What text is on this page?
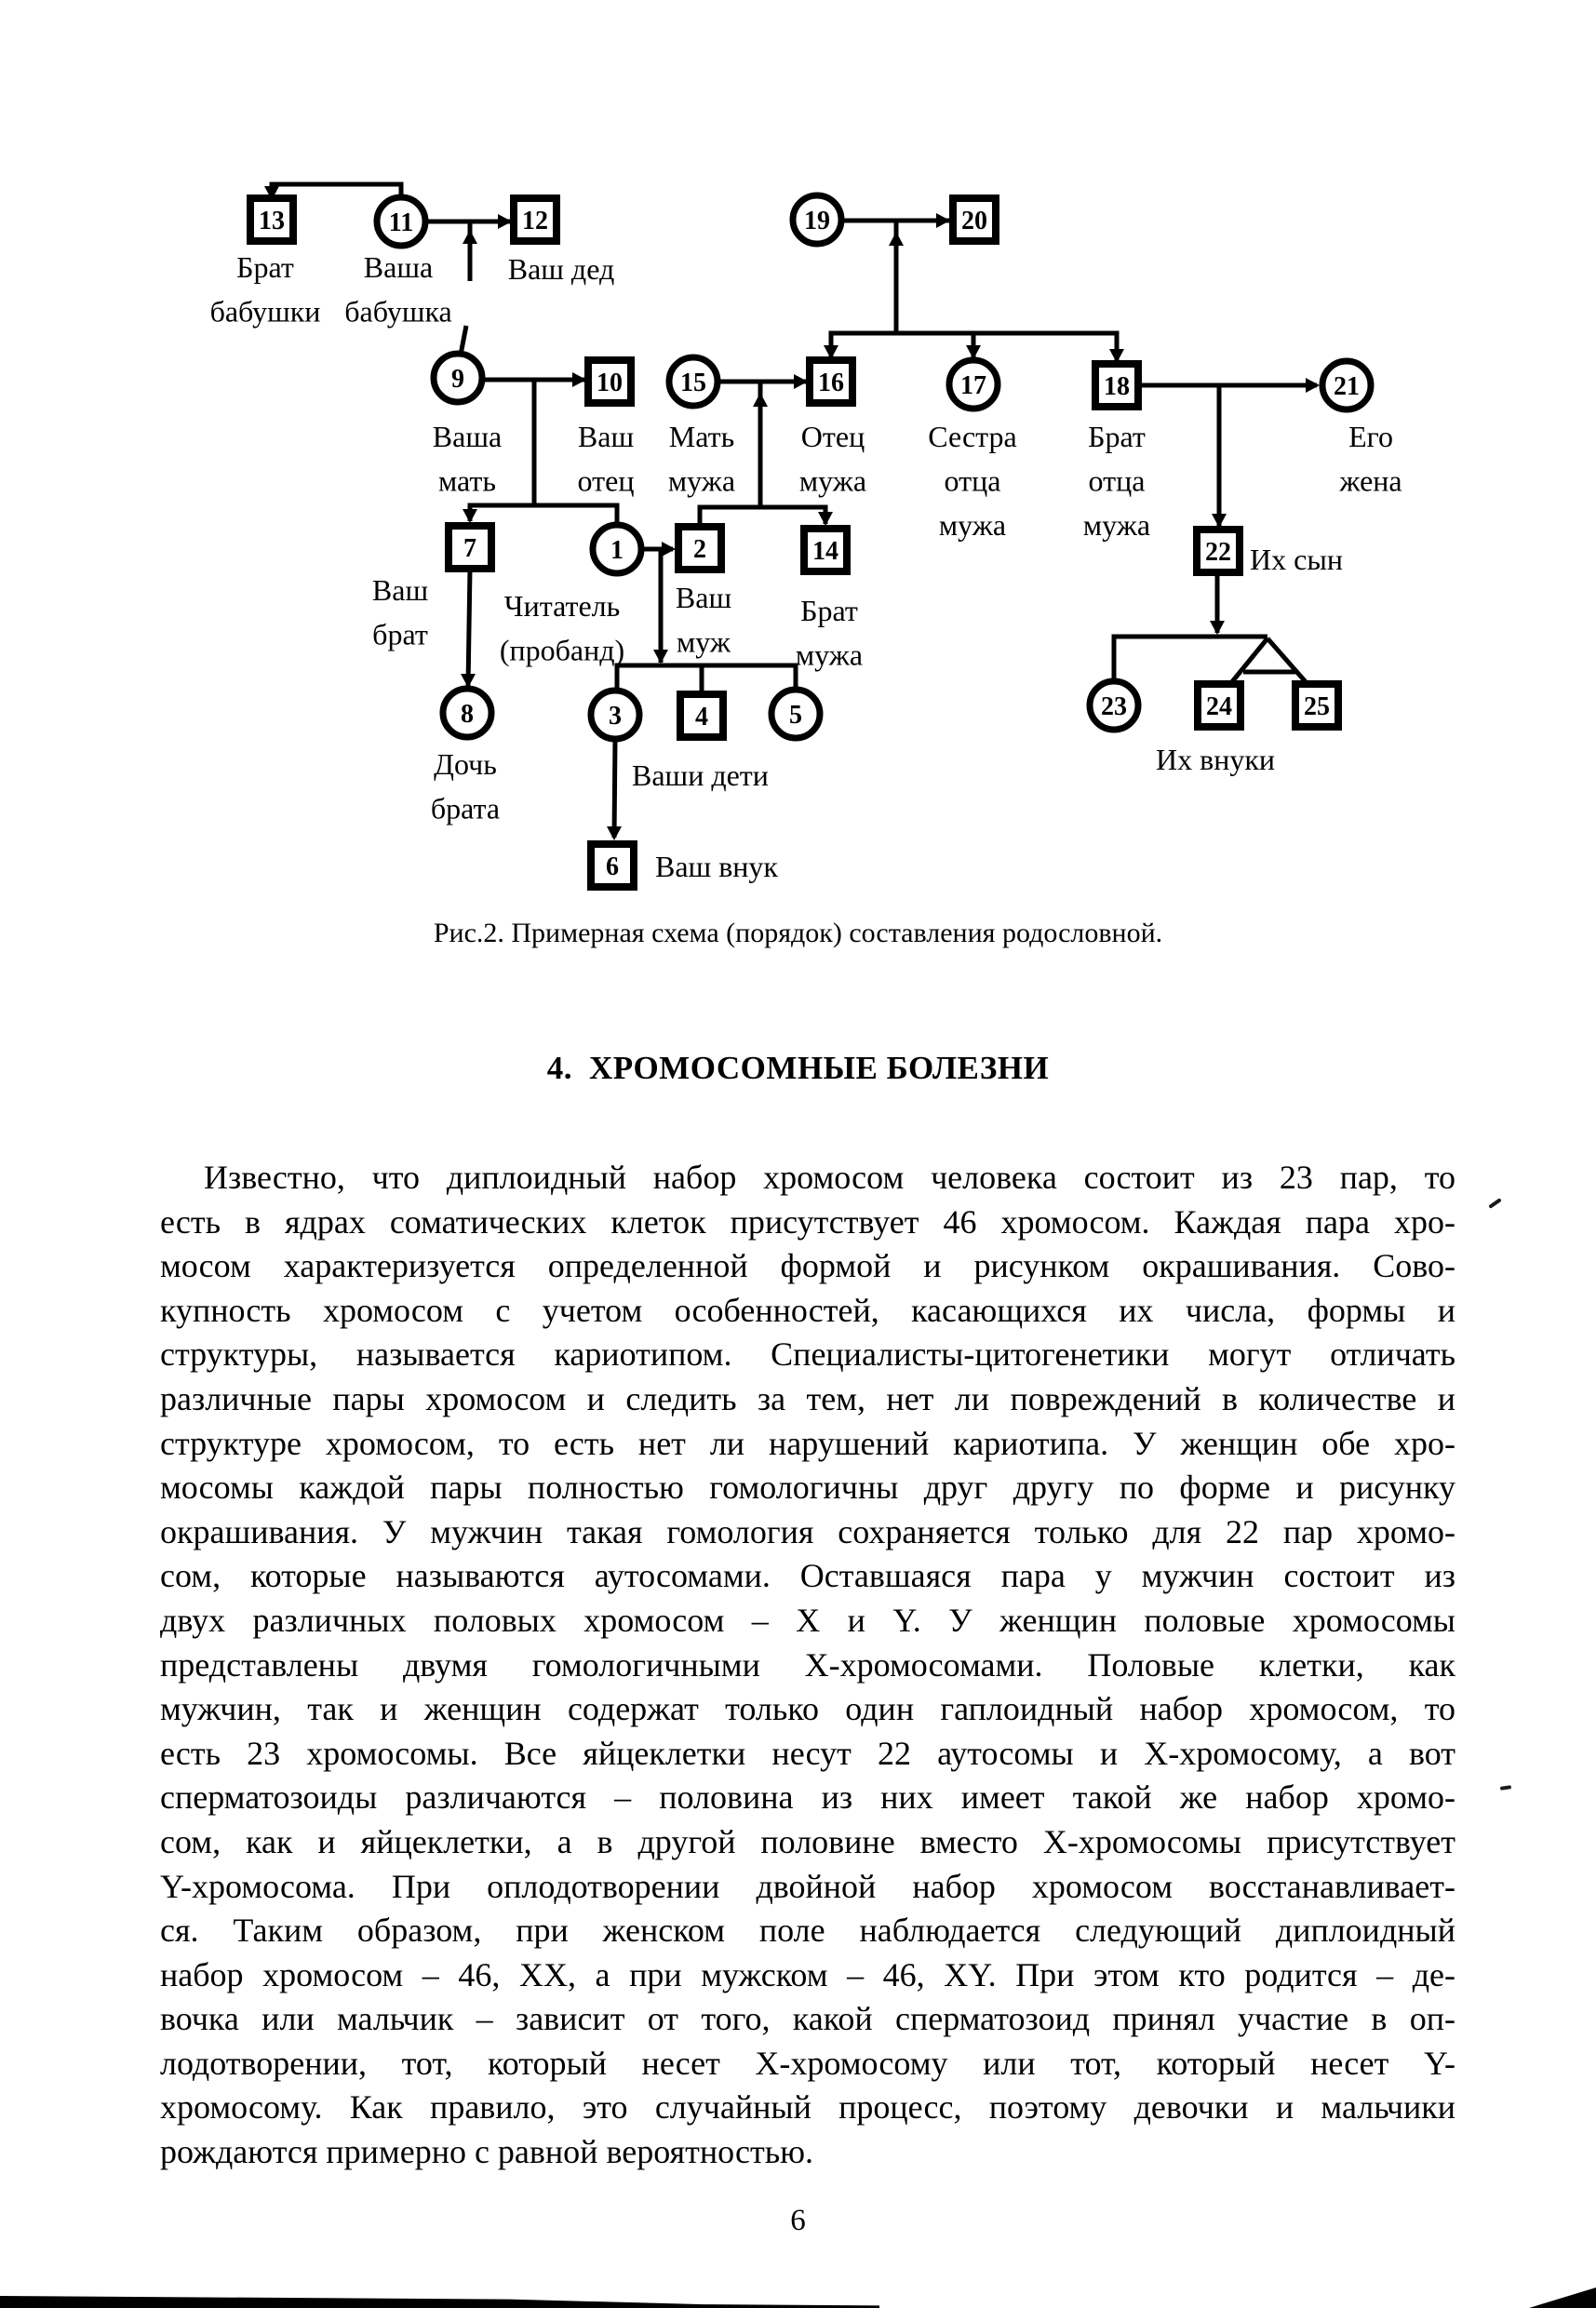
13	11	12	19	20
9	10 15	16	17	18	21
7	1	2	14	22
8	3	4	5
6
23	24	25
Брат бабушки
Ваша бабушка
Ваш дед
Ваша мать
Ваш отец
Мать мужа
Отец мужа
Сестра отца мужа
Брат отца мужа
Его жена
Ваш брат
Читатель (пробанд)
Ваш муж
Брат мужа
Их сын
Дочь брата
Ваши дети
Ваш внук
Их внуки
Рис.2. Примерная схема (порядок) составления родословной.
4. ХРОМОСОМНЫЕ БОЛЕЗНИ
Известно, что диплоидный набор хромосом человека состоит из 23 пар, то
есть в ядрах соматических клеток присутствует 46 хромосом. Каждая пара хро-
мосом характеризуется определенной формой и рисунком окрашивания. Сово-
купность хромосом с учетом особенностей, касающихся их числа, формы и
структуры, называется кариотипом. Специалисты-цитогенетики могут отличать
различные пары хромосом и следить за тем, нет ли повреждений в количестве и
структуре хромосом, то есть нет ли нарушений кариотипа. У женщин обе хро-
мосомы каждой пары полностью гомологичны друг другу по форме и рисунку
окрашивания. У мужчин такая гомология сохраняется только для 22 пар хромо-
сом, которые называются аутосомами. Оставшаяся пара у мужчин состоит из
двух различных половых хромосом – X и Y. У женщин половые хромосомы
представлены двумя гомологичными X-хромосомами. Половые клетки, как
мужчин, так и женщин содержат только один гаплоидный набор хромосом, то
есть 23 хромосомы. Все яйцеклетки несут 22 аутосомы и X-хромосому, а вот
сперматозоиды различаются – половина из них имеет такой же набор хромо-
сом, как и яйцеклетки, а в другой половине вместо X-хромосомы присутствует
Y-хромосома. При оплодотворении двойной набор хромосом восстанавливает-
ся. Таким образом, при женском поле наблюдается следующий диплоидный
набор хромосом – 46, XX, а при мужском – 46, XY. При этом кто родится – де-
вочка или мальчик – зависит от того, какой сперматозоид принял участие в оп-
лодотворении, тот, который несет X-хромосому или тот, который несет Y-
хромосому. Как правило, это случайный процесс, поэтому девочки и мальчики
рождаются примерно с равной вероятностью.
6
